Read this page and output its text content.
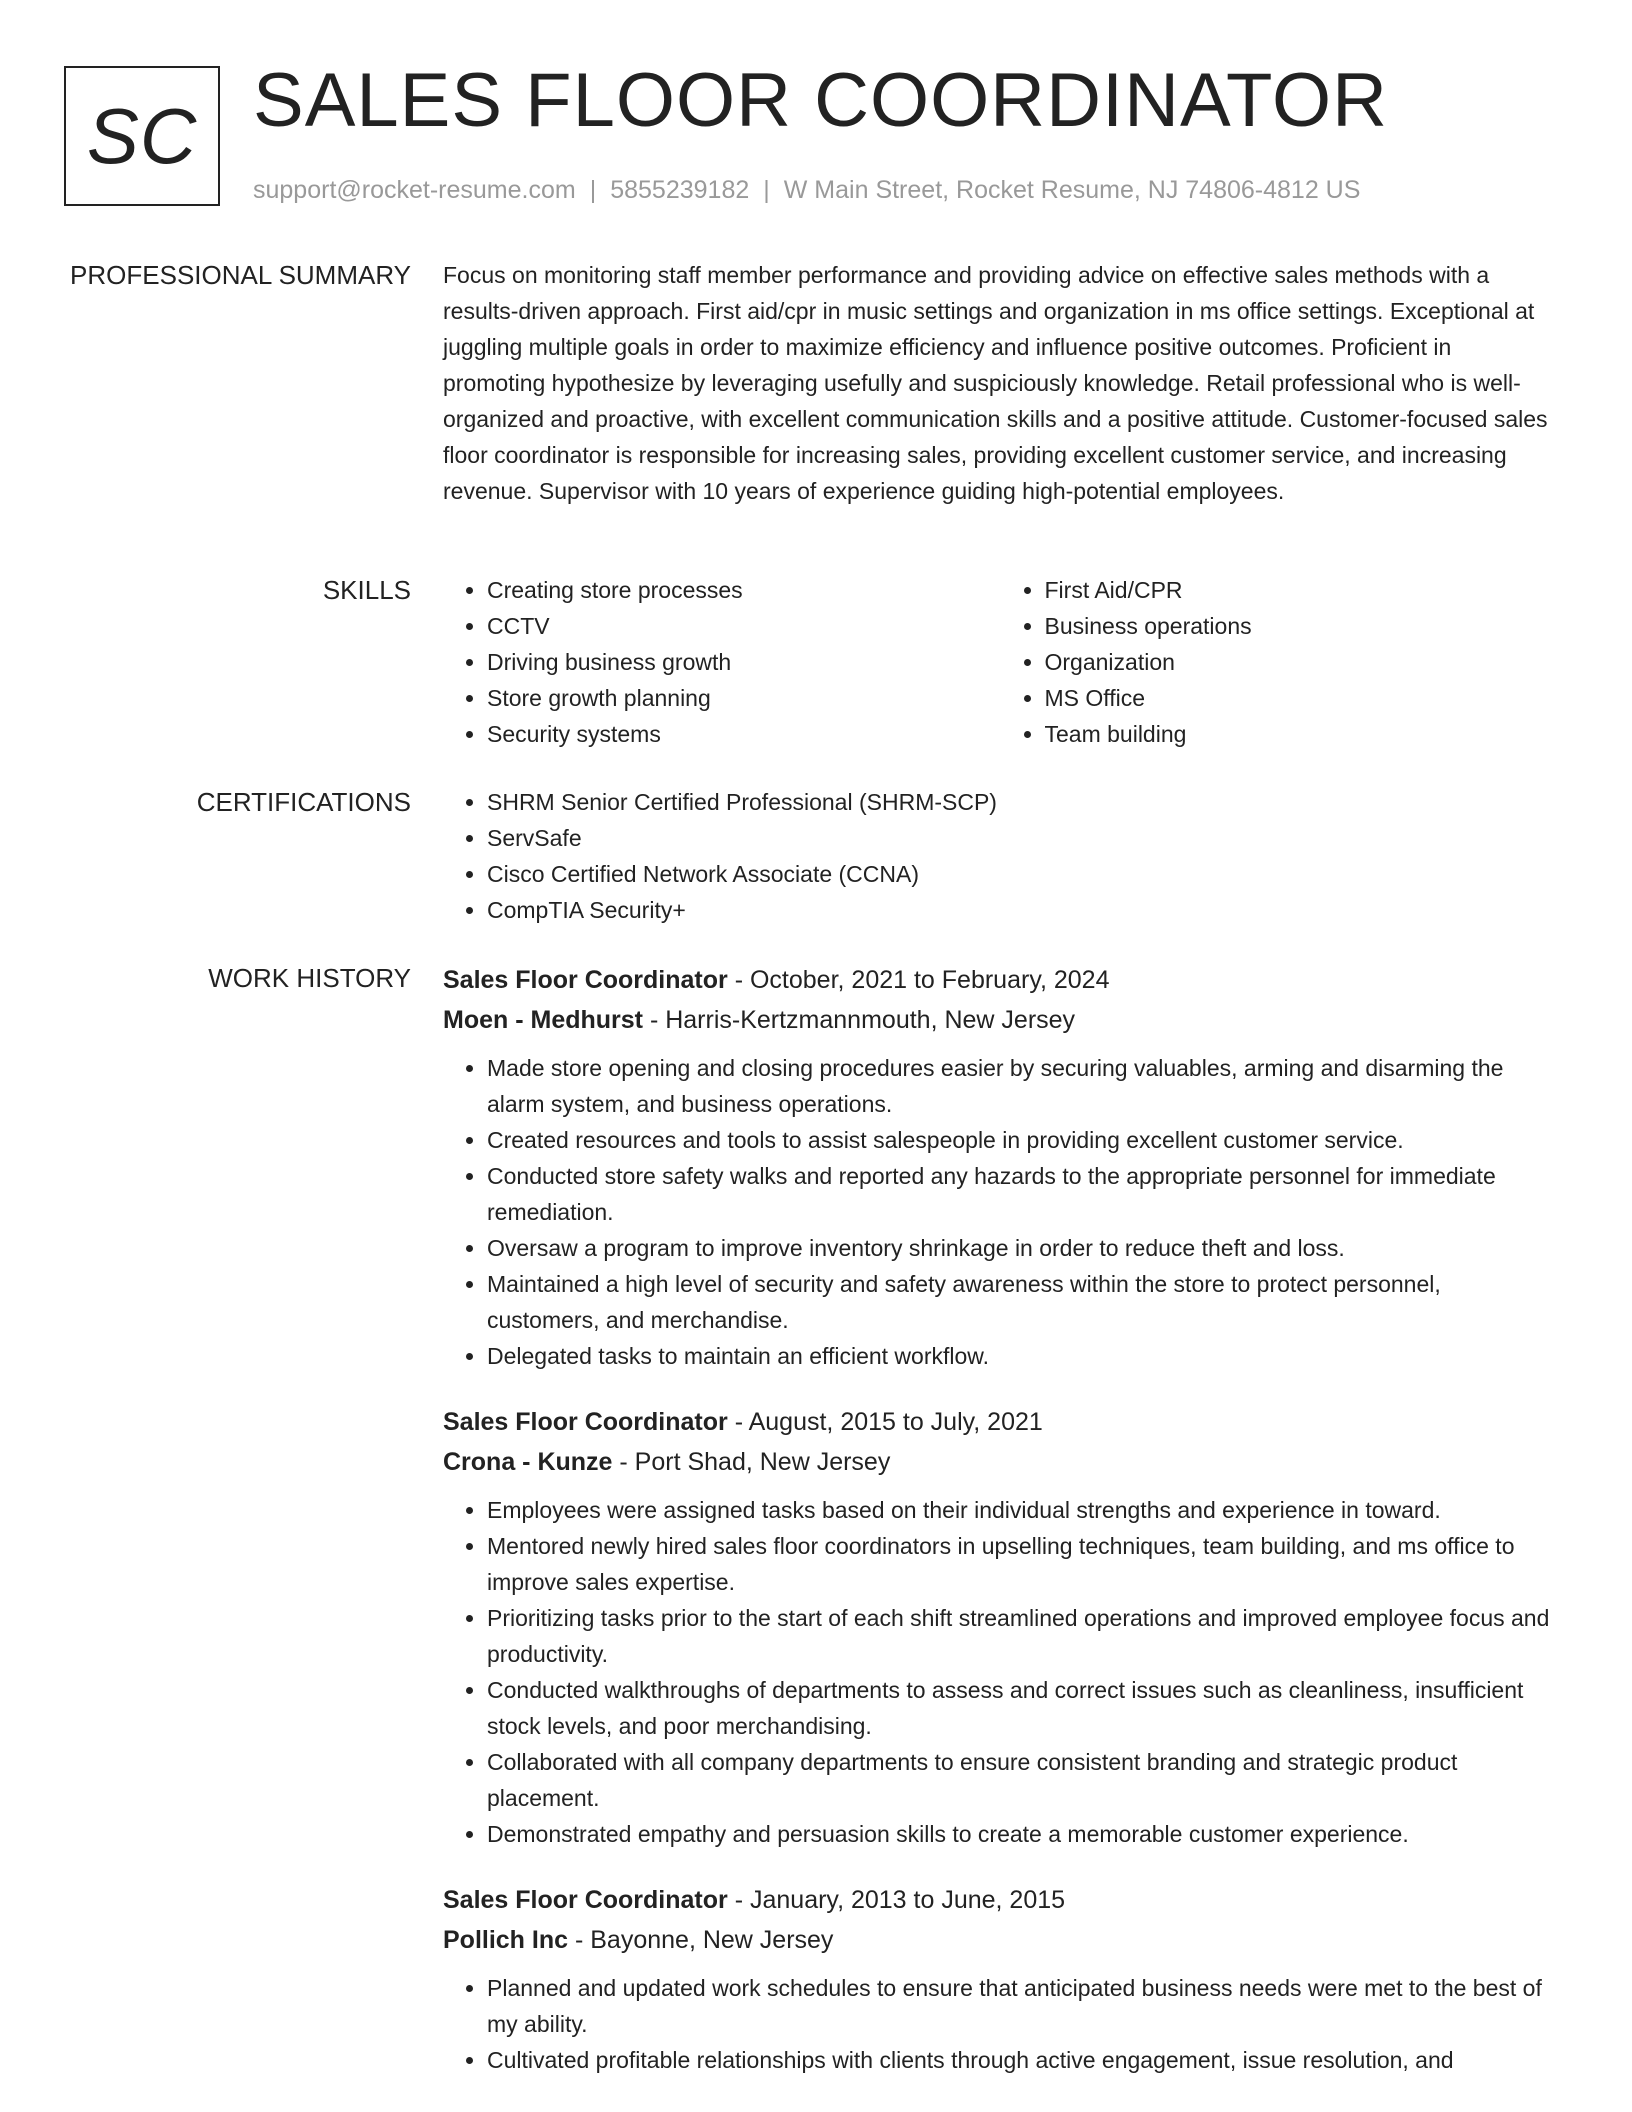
SC SALES FLOOR COORDINATOR
support@rocket-resume.com | 5855239182 | W Main Street, Rocket Resume, NJ 74806-4812 US
PROFESSIONAL SUMMARY Focus on monitoring staff member performance and providing advice on effective sales methods with a results-driven approach. First aid/cpr in music settings and organization in ms office settings. Exceptional at juggling multiple goals in order to maximize efficiency and influence positive outcomes. Proficient in promoting hypothesize by leveraging usefully and suspiciously knowledge. Retail professional who is well-organized and proactive, with excellent communication skills and a positive attitude. Customer-focused sales floor coordinator is responsible for increasing sales, providing excellent customer service, and increasing revenue. Supervisor with 10 years of experience guiding high-potential employees.

SKILLS	• Creating store processes
• CCTV
• Driving business growth
• Store growth planning
• Security systems
• First Aid/CPR
• Business operations
• Organization
• MS Office
• Team building
CERTIFICATIONS	• SHRM Senior Certified Professional (SHRM-SCP)
• ServSafe
• Cisco Certified Network Associate (CCNA)
• CompTIA Security+
WORK HISTORY Sales Floor Coordinator - October, 2021 to February, 2024
Moen - Medhurst - Harris-Kertzmannmouth, New Jersey
• Made store opening and closing procedures easier by securing valuables, arming and disarming the alarm system, and business operations.
• Created resources and tools to assist salespeople in providing excellent customer service.
• Conducted store safety walks and reported any hazards to the appropriate personnel for immediate remediation.
• Oversaw a program to improve inventory shrinkage in order to reduce theft and loss.
• Maintained a high level of security and safety awareness within the store to protect personnel, customers, and merchandise.
• Delegated tasks to maintain an efficient workflow.
Sales Floor Coordinator - August, 2015 to July, 2021
Crona - Kunze - Port Shad, New Jersey
• Employees were assigned tasks based on their individual strengths and experience in toward.
• Mentored newly hired sales floor coordinators in upselling techniques, team building, and ms office to improve sales expertise.
• Prioritizing tasks prior to the start of each shift streamlined operations and improved employee focus and productivity.
• Conducted walkthroughs of departments to assess and correct issues such as cleanliness, insufficient stock levels, and poor merchandising.
• Collaborated with all company departments to ensure consistent branding and strategic product placement.
• Demonstrated empathy and persuasion skills to create a memorable customer experience.
Sales Floor Coordinator - January, 2013 to June, 2015
Pollich Inc - Bayonne, New Jersey
• Planned and updated work schedules to ensure that anticipated business needs were met to the best of my ability.
• Cultivated profitable relationships with clients through active engagement, issue resolution, and
